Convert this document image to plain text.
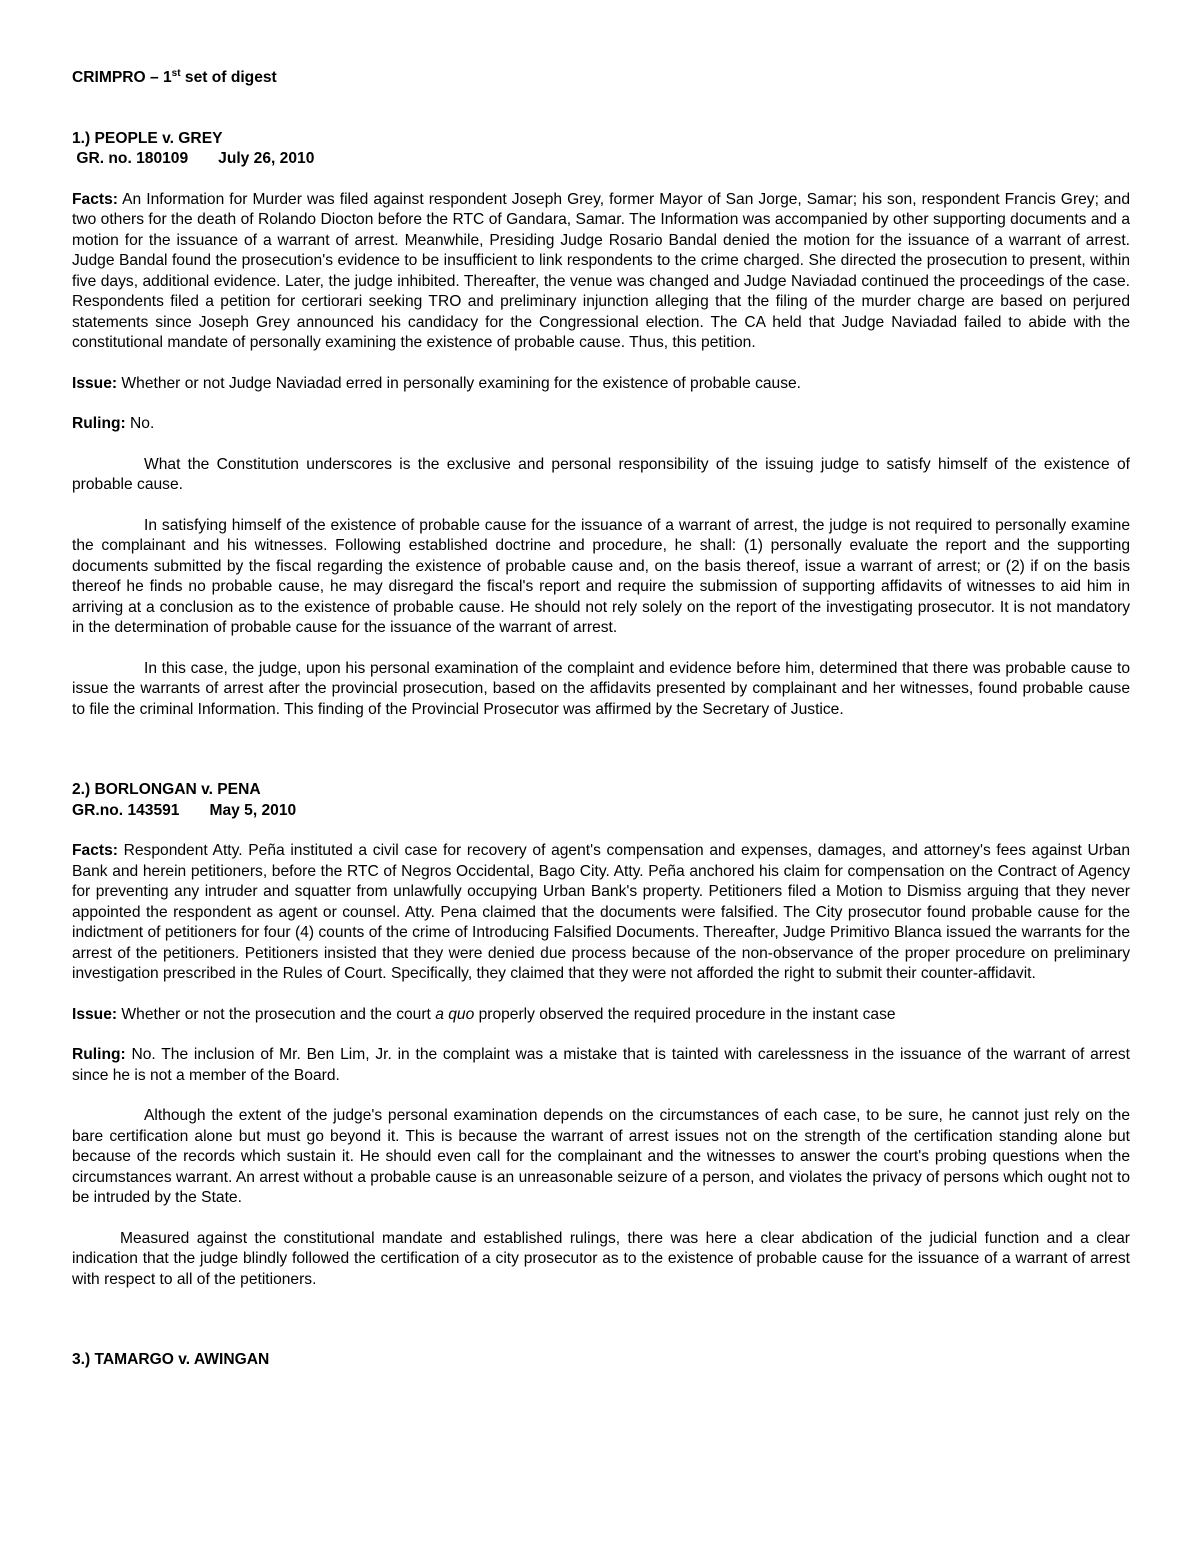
CRIMPRO – 1st set of digest
1.) PEOPLE v. GREY
GR. no. 180109 July 26, 2010

Facts: An Information for Murder was filed against respondent Joseph Grey, former Mayor of San Jorge, Samar; his son, respondent Francis Grey; and two others for the death of Rolando Diocton before the RTC of Gandara, Samar. The Information was accompanied by other supporting documents and a motion for the issuance of a warrant of arrest. Meanwhile, Presiding Judge Rosario Bandal denied the motion for the issuance of a warrant of arrest. Judge Bandal found the prosecution's evidence to be insufficient to link respondents to the crime charged. She directed the prosecution to present, within five days, additional evidence. Later, the judge inhibited. Thereafter, the venue was changed and Judge Naviadad continued the proceedings of the case. Respondents filed a petition for certiorari seeking TRO and preliminary injunction alleging that the filing of the murder charge are based on perjured statements since Joseph Grey announced his candidacy for the Congressional election. The CA held that Judge Naviadad failed to abide with the constitutional mandate of personally examining the existence of probable cause. Thus, this petition.

Issue: Whether or not Judge Naviadad erred in personally examining for the existence of probable cause.

Ruling: No.

What the Constitution underscores is the exclusive and personal responsibility of the issuing judge to satisfy himself of the existence of probable cause.

In satisfying himself of the existence of probable cause for the issuance of a warrant of arrest, the judge is not required to personally examine the complainant and his witnesses. Following established doctrine and procedure, he shall: (1) personally evaluate the report and the supporting documents submitted by the fiscal regarding the existence of probable cause and, on the basis thereof, issue a warrant of arrest; or (2) if on the basis thereof he finds no probable cause, he may disregard the fiscal's report and require the submission of supporting affidavits of witnesses to aid him in arriving at a conclusion as to the existence of probable cause. He should not rely solely on the report of the investigating prosecutor. It is not mandatory in the determination of probable cause for the issuance of the warrant of arrest.

In this case, the judge, upon his personal examination of the complaint and evidence before him, determined that there was probable cause to issue the warrants of arrest after the provincial prosecution, based on the affidavits presented by complainant and her witnesses, found probable cause to file the criminal Information. This finding of the Provincial Prosecutor was affirmed by the Secretary of Justice.

2.) BORLONGAN v. PENA
GR.no. 143591 May 5, 2010

Facts: Respondent Atty. Peña instituted a civil case for recovery of agent's compensation and expenses, damages, and attorney's fees against Urban Bank and herein petitioners, before the RTC of Negros Occidental, Bago City. Atty. Peña anchored his claim for compensation on the Contract of Agency for preventing any intruder and squatter from unlawfully occupying Urban Bank's property. Petitioners filed a Motion to Dismiss arguing that they never appointed the respondent as agent or counsel. Atty. Pena claimed that the documents were falsified. The City prosecutor found probable cause for the indictment of petitioners for four (4) counts of the crime of Introducing Falsified Documents. Thereafter, Judge Primitivo Blanca issued the warrants for the arrest of the petitioners. Petitioners insisted that they were denied due process because of the non-observance of the proper procedure on preliminary investigation prescribed in the Rules of Court. Specifically, they claimed that they were not afforded the right to submit their counter-affidavit.

Issue: Whether or not the prosecution and the court a quo properly observed the required procedure in the instant case

Ruling: No. The inclusion of Mr. Ben Lim, Jr. in the complaint was a mistake that is tainted with carelessness in the issuance of the warrant of arrest since he is not a member of the Board.

Although the extent of the judge's personal examination depends on the circumstances of each case, to be sure, he cannot just rely on the bare certification alone but must go beyond it. This is because the warrant of arrest issues not on the strength of the certification standing alone but because of the records which sustain it. He should even call for the complainant and the witnesses to answer the court's probing questions when the circumstances warrant. An arrest without a probable cause is an unreasonable seizure of a person, and violates the privacy of persons which ought not to be intruded by the State.

Measured against the constitutional mandate and established rulings, there was here a clear abdication of the judicial function and a clear indication that the judge blindly followed the certification of a city prosecutor as to the existence of probable cause for the issuance of a warrant of arrest with respect to all of the petitioners.

3.) TAMARGO v. AWINGAN
